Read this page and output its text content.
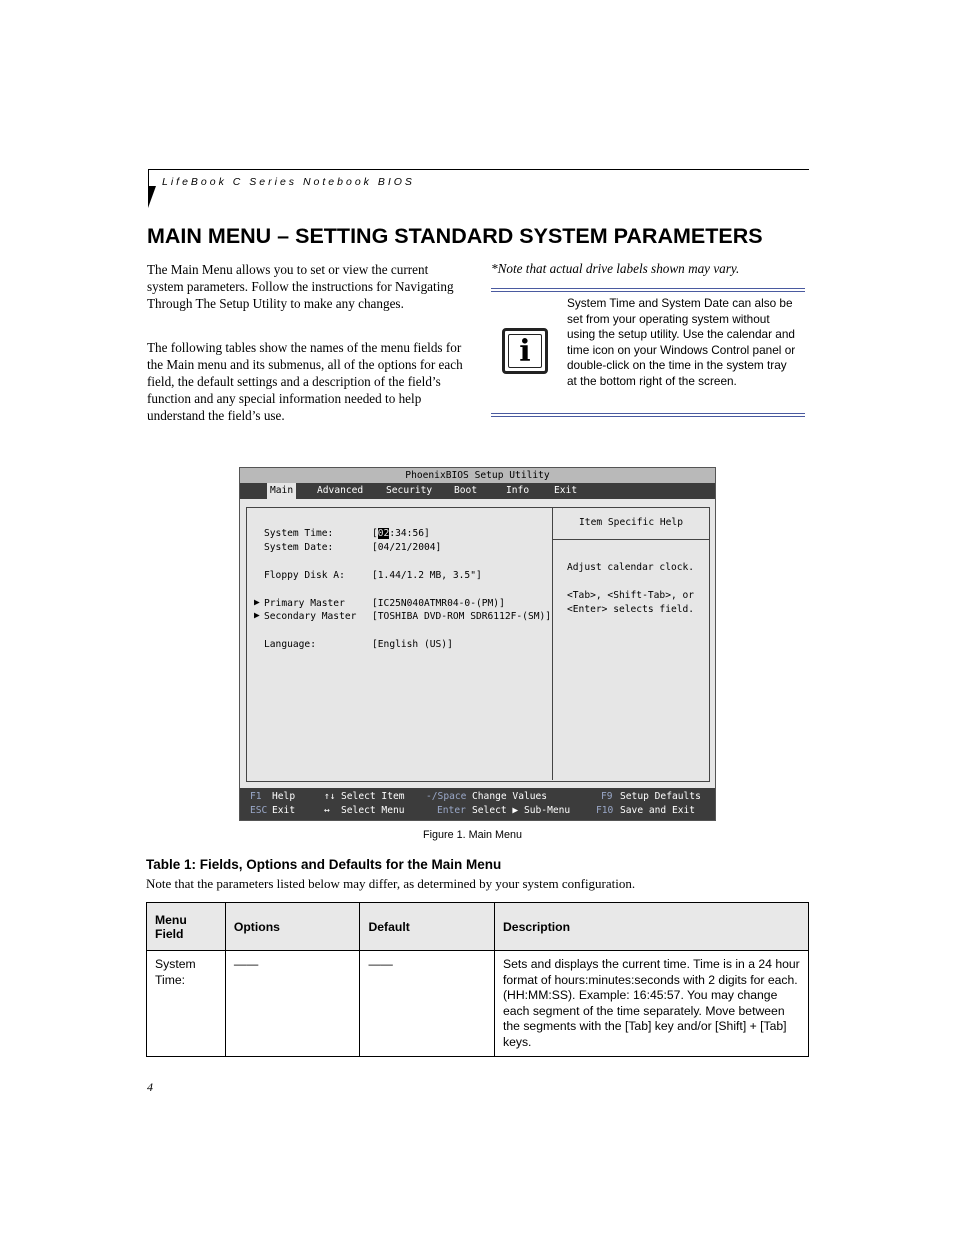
LifeBook C Series Notebook BIOS
MAIN MENU – SETTING STANDARD SYSTEM PARAMETERS

The Main Menu allows you to set or view the current system parameters. Follow the instructions for Navigating Through The Setup Utility to make any changes.

The following tables show the names of the menu fields for the Main menu and its submenus, all of the options for each field, the default settings and a description of the field’s function and any special information needed to help understand the field’s use.

*Note that actual drive labels shown may vary.
i

System Time and System Date can also be set from your operating system without using the setup utility. Use the calendar and time icon on your Windows Control panel or double-click on the time in the system tray at the bottom right of the screen.

PhoenixBIOS Setup Utility
Main	Advanced Security Boot	Info	Exit
Item Specific Help
System Time:	[02:34:56]
System Date:	[04/21/2004]
Floppy Disk A:	[1.44/1.2 MB, 3.5"]
▶ Primary Master	[IC25N040ATMR04-0-(PM)]
▶ Secondary Master [TOSHIBA DVD-ROM SDR6112F-(SM)]
Language:	[English (US)]
Adjust calendar clock.
<Tab>, <Shift-Tab>, or
<Enter> selects field.
F1 Help	↑↓ Select Item -/Space Change Values	F9 Setup Defaults
ESC Exit	↔ Select Menu	Enter Select ▶ Sub-Menu	F10 Save and Exit
Figure 1. Main Menu
Table 1: Fields, Options and Defaults for the Main Menu
Note that the parameters listed below may differ, as determined by your system configuration.
Menu Field	Options	Default	Description
System Time:	——	——	Sets and displays the current time. Time is in a 24 hour format of hours:minutes:seconds with 2 digits for each. (HH:MM:SS). Example: 16:45:57. You may change each segment of the time separately. Move between the segments with the [Tab] key and/or [Shift] + [Tab] keys.
4
